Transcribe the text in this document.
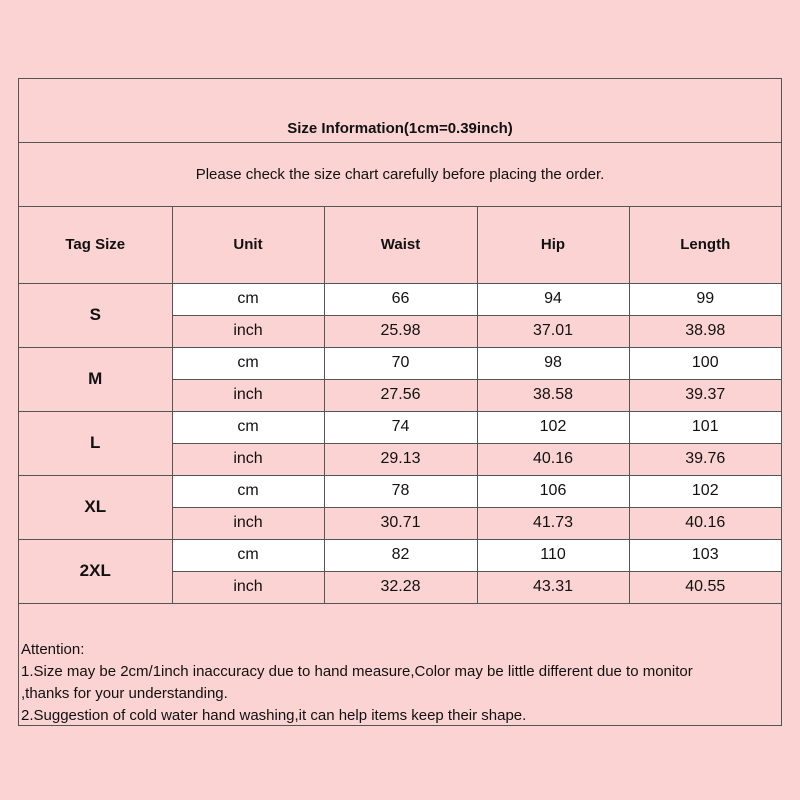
Size Information(1cm=0.39inch)
Please check the size chart carefully before placing the order.
Tag Size	Unit	Waist	Hip	Length
S	cm	66	94	99
	inch	25.98	37.01	38.98
M	cm	70	98	100
	inch	27.56	38.58	39.37
L	cm	74	102	101
	inch	29.13	40.16	39.76
XL	cm	78	106	102
	inch	30.71	41.73	40.16
2XL	cm	82	110	103
	inch	32.28	43.31	40.55
Attention:
1.Size may be 2cm/1inch inaccuracy due to hand measure,Color may be little different due to monitor
,thanks for your understanding.
2.Suggestion of cold water hand washing,it can help items keep their shape.
